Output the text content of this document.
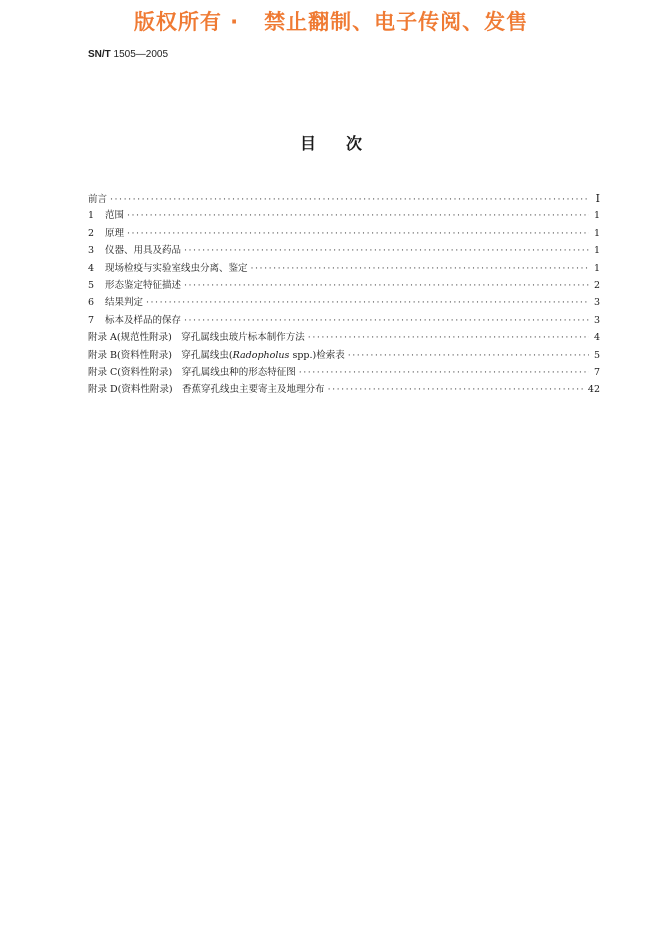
版权所有 ·   禁止翻制、电子传阅、发售
SN/T 1505—2005
目次
前言 ·····	I
1	范围 ·····	1
2	原理 ·····	1
3	仪器、用具及药品 ·····	1
4	现场检疫与实验室线虫分离、鉴定 ·····	1
5	形态鉴定特征描述 ·····	2
6	结果判定 ·····	3
7	标本及样品的保存 ·····	3
附录 A(规范性附录)　穿孔属线虫玻片标本制作方法 ·····	4
附录 B(资料性附录)　穿孔属线虫(Radopholus spp.)检索表 ·····	5
附录 C(资料性附录)　穿孔属线虫种的形态特征图 ·····	7
附录 D(资料性附录)　香蕉穿孔线虫主要寄主及地理分布 ·····	42
